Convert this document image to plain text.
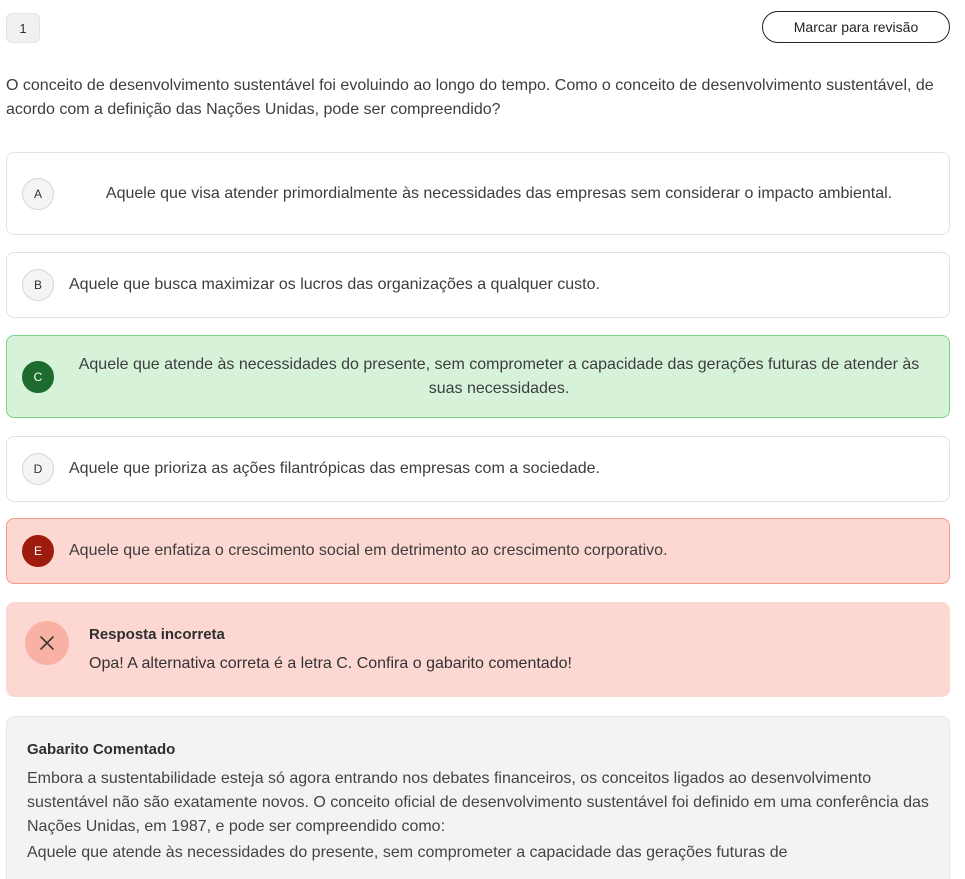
1	Marcar para revisão

O conceito de desenvolvimento sustentável foi evoluindo ao longo do tempo. Como o conceito de desenvolvimento sustentável, de acordo com a definição das Nações Unidas, pode ser compreendido?

A	Aquele que visa atender primordialmente às necessidades das empresas sem considerar o impacto ambiental.
B	Aquele que busca maximizar os lucros das organizações a qualquer custo.
C
Aquele que atende às necessidades do presente, sem comprometer a capacidade das gerações futuras de atender às suas necessidades.
D	Aquele que prioriza as ações filantrópicas das empresas com a sociedade.
E	Aquele que enfatiza o crescimento social em detrimento ao crescimento corporativo.
Resposta incorreta
Opa! A alternativa correta é a letra C. Confira o gabarito comentado!
Gabarito Comentado

Embora a sustentabilidade esteja só agora entrando nos debates financeiros, os conceitos ligados ao desenvolvimento sustentável não são exatamente novos. O conceito oficial de desenvolvimento sustentável foi definido em uma conferência das Nações Unidas, em 1987, e pode ser compreendido como:

Aquele que atende às necessidades do presente, sem comprometer a capacidade das gerações futuras de
